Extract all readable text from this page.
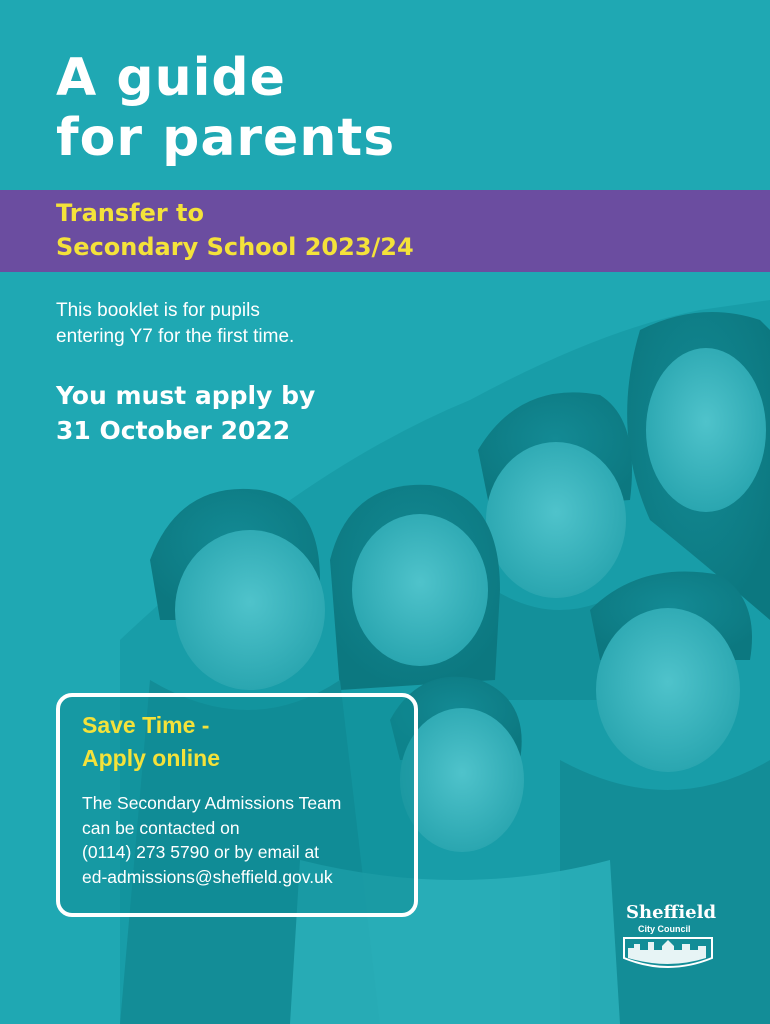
A guide
for parents
Transfer to
Secondary School 2023/24
This booklet is for pupils
entering Y7 for the first time.
You must apply by
31 October 2022
Save Time -
Apply online
The Secondary Admissions Team
can be contacted on
(0114) 273 5790 or by email at
ed-admissions@sheffield.gov.uk
Sheffield
City Council
